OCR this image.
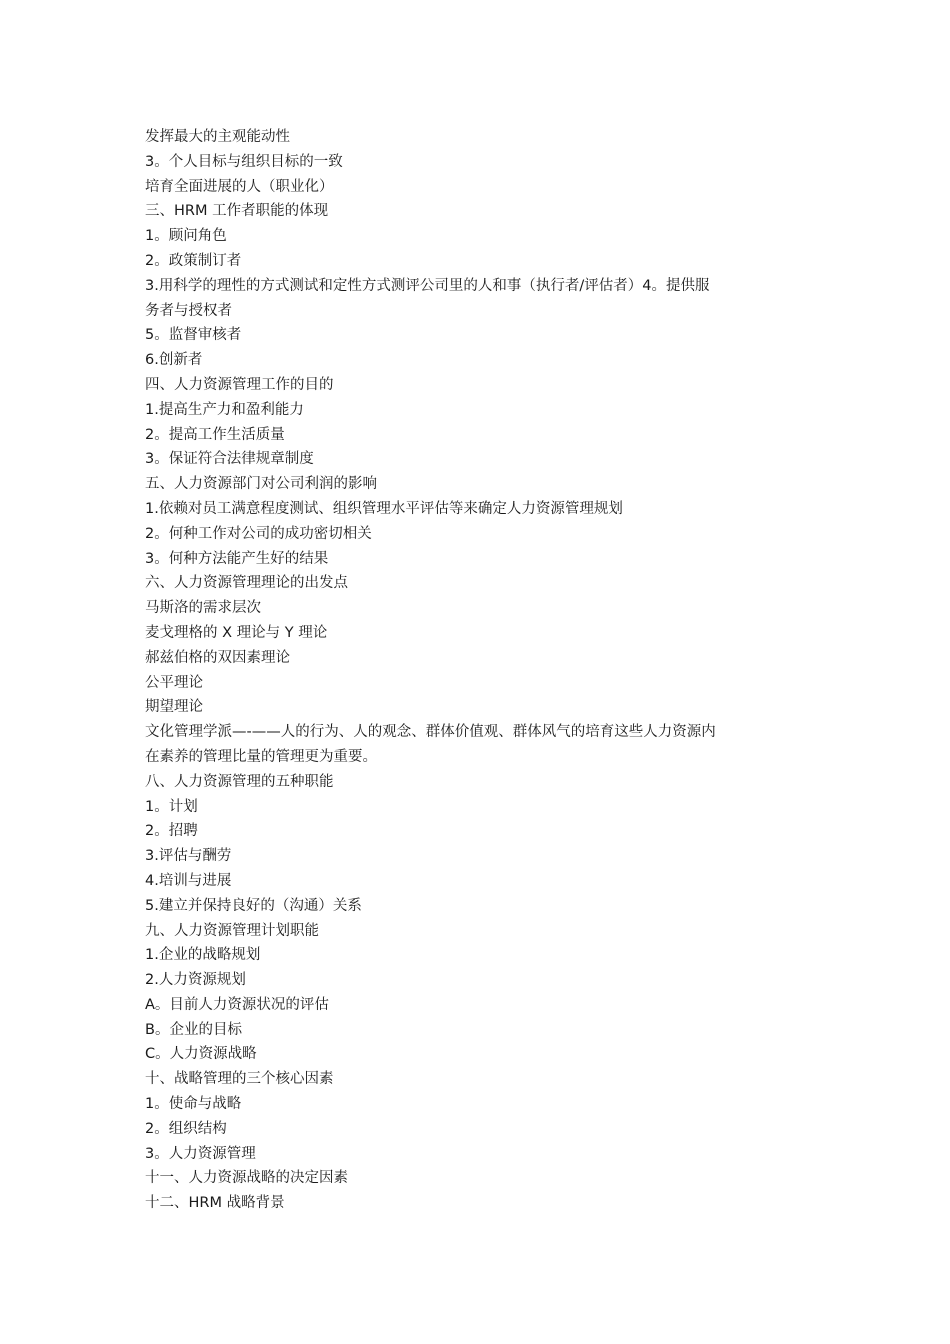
发挥最大的主观能动性

3。个人目标与组织目标的一致

培育全面进展的人（职业化）

三、HRM 工作者职能的体现

1。顾问角色

2。政策制订者

3.用科学的理性的方式测试和定性方式测评公司里的人和事（执行者/评估者）4。提供服

务者与授权者

5。监督审核者

6.创新者

四、人力资源管理工作的目的

1.提高生产力和盈利能力

2。提高工作生活质量

3。保证符合法律规章制度

五、人力资源部门对公司利润的影响

1.依赖对员工满意程度测试、组织管理水平评估等来确定人力资源管理规划

2。何种工作对公司的成功密切相关

3。何种方法能产生好的结果

六、人力资源管理理论的出发点

马斯洛的需求层次

麦戈理格的 X 理论与 Y 理论

郝兹伯格的双因素理论

公平理论

期望理论

文化管理学派—-——人的行为、人的观念、群体价值观、群体风气的培育这些人力资源内

在素养的管理比量的管理更为重要。

八、人力资源管理的五种职能

1。计划

2。招聘

3.评估与酬劳

4.培训与进展

5.建立并保持良好的（沟通）关系

九、人力资源管理计划职能

1.企业的战略规划

2.人力资源规划

A。目前人力资源状况的评估

B。企业的目标

C。人力资源战略

十、战略管理的三个核心因素

1。使命与战略

2。组织结构

3。人力资源管理

十一、人力资源战略的决定因素

十二、HRM 战略背景
